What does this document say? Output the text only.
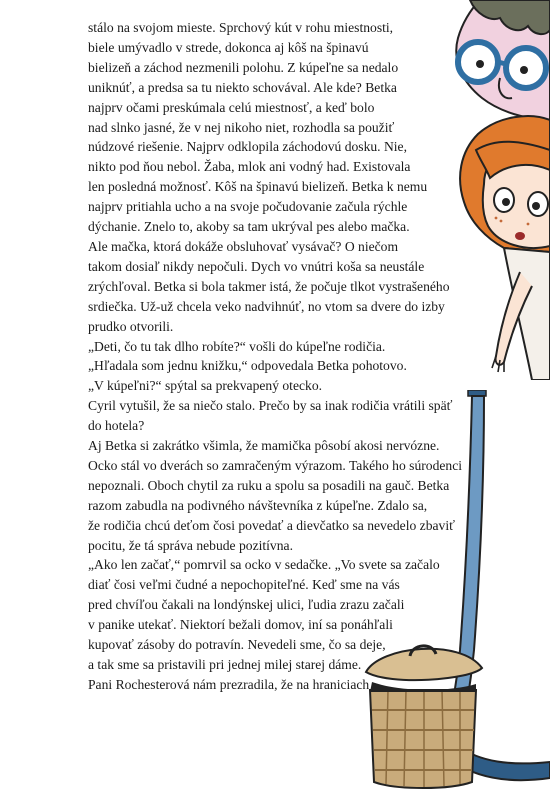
stálo na svojom mieste. Sprchový kút v rohu miestnosti,
biele umývadlo v strede, dokonca aj kôš na špinavú
bielizeň a záchod nezmenili polohu. Z kúpeľne sa nedalo
uniknúť, a predsa sa tu niekto schovával. Ale kde? Betka
najprv očami preskúmala celú miestnosť, a keď bolo
nad slnko jasné, že v nej nikoho niet, rozhodla sa použiť
núdzové riešenie. Najprv odklopila záchodovú dosku. Nie,
nikto pod ňou nebol. Žaba, mlok ani vodný had. Existovala
len posledná možnosť. Kôš na špinavú bielizeň. Betka k nemu
najprv pritiahla ucho a na svoje počudovanie začula rýchle
dýchanie. Znelo to, akoby sa tam ukrýval pes alebo mačka.
Ale mačka, ktorá dokáže obsluhovať vysávač? O niečom
takom dosiaľ nikdy nepočuli. Dych vo vnútri koša sa neustále
zrýchľoval. Betka si bola takmer istá, že počuje tlkot vystrašeného
srdiečka. Už-už chcela veko nadvihnúť, no vtom sa dvere do izby
prudko otvorili.
„Deti, čo tu tak dlho robíte?“ vošli do kúpeľne rodičia.
„Hľadala som jednu knižku,“ odpovedala Betka pohotovo.
„V kúpeľni?“ spýtal sa prekvapený otecko.
Cyril vytušil, že sa niečo stalo. Prečo by sa inak rodičia vrátili späť
do hotela?
Aj Betka si zakrátko všimla, že mamička pôsobí akosi nervózne.
Ocko stál vo dverách so zamračeným výrazom. Takého ho súrodenci
nepoznali. Oboch chytil za ruku a spolu sa posadili na gauč. Betka
razom zabudla na podivného návštevníka z kúpeľne. Zdalo sa,
že rodičia chcú deťom čosi povedať a dievčatko sa nevedelo zbaviť
pocitu, že tá správa nebude pozitívna.
„Ako len začať,“ pomrvil sa ocko v sedačke. „Vo svete sa začalo
diať čosi veľmi čudné a nepochopiteľné. Keď sme na vás
pred chvíľou čakali na londýnskej ulici, ľudia zrazu začali
v panike utekať. Niektorí bežali domov, iní sa ponáhľali
kupovať zásoby do potravín. Nevedeli sme, čo sa deje,
a tak sme sa pristavili pri jednej milej starej dáme.
Pani Rochesterová nám prezradila, že na hraniciach
